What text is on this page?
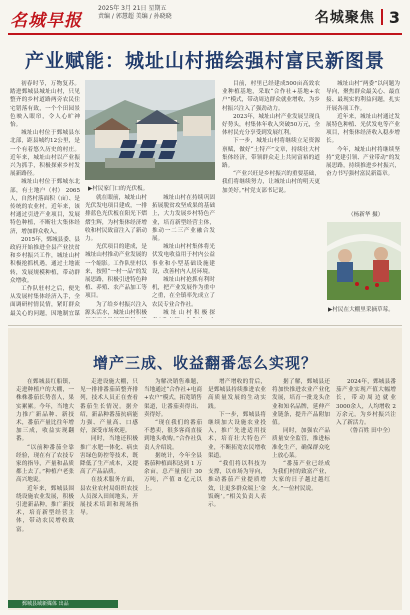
名城早报
2025年 3月 21日 星期五
责编 / 郭慧超 美编 / 孙晓晓	名城聚焦 3
产业赋能：城址山村描绘强村富民新图景

初春时节，万物复苏。踏进鄄城县城址山村，只见整齐的乡村道路两旁农民住宅错落有致，一个个田园景色映入眼帘，令人心旷神怡。

城址山村位于鄄城县东北部，距县城约12公里，是一个有着悠久历史的村庄。近年来，城址山村以产业振兴为抓手，积极探索乡村发展新路径。

城址山村位于鄄城东北部，有土地户（村） 2065人，自然村落面积（亩）、是传统的农业村。近年来，该村通过引进产业项目，发展特色种植，不断壮大集体经济，增加群众收入。

2015年，鄄城县委、县政府开始推进全县产业扶贫和乡村振兴工作，城址山村积极抢抓机遇，通过土地流转，发展规模种植，带动群众增收。

工作队驻村之后，便先从发展村集体经济入手，全面调研村情民情，紧盯群众最关心的问题，因地制宜谋

▶村民家门口的光伏板。

就在眼前，城址山村光伏发电项目建成，一排排蓝色光伏板在阳光下熠熠生辉，为村集体经济增收和村民致富注入了新动力。

光伏项目的建成，是城址山村推动产业发展的一个缩影。工作队驻村以来，按照“一村一品”的发展思路，积极引进特色种植、养殖、农产品加工等项目。

为了给乡村振兴注入源头活水，城址山村积极

城址山村在持续巩固拓展脱贫攻坚成果的基础上，大力发展乡村特色产业，培育新型经营主体，推动一二三产业融合发展。

城址山村村集体将光伏发电收益用于村内公益事业和小型基础设施建设，改善村内人居环境。

城址山村抢抓有利时机，把产业发展作为重中之重，在全镇率先成立了农民专业合作社。

城址山村积极探

目前，村里已经建成500亩高效农业种植基地，采取“合作社+基地+农户”模式，带动周边群众就业增收，为乡村振兴注入了强劲动力。

2023年，城址山村产业发展呈现良好势头，村集体年收入突破50万元，全体村民充分享受到发展红利。

下一步，城址山村将继续立足资源禀赋，做好“土特产”文章，持续壮大村集体经济，带领群众走上共同富裕的道路。

“产业兴旺是乡村振兴的重要基础，我们将继续努力，让城址山村的明天更加美好。”村党支部书记说。

城址山村“两委”以问题为导向，聚焦群众最关心、最直接、最现实的利益问题，扎实开展各项工作。

近年来，城址山村通过发展特色种植、光伏发电等产业项目，村集体经济收入稳步增长。

今年，城址山村将继续坚持“党建引领、产业带动”的发展思路，持续推进乡村振兴，奋力书写强村富民新篇章。

（杨新华 摄）
▶村民在大棚里采摘草莓。
增产三成、收益翻番怎么实现？

在鄄城县红船镇，走进种植户的大棚，一株株番茄长势喜人，果实累累。今年，当地大力推广新品种、新技术，番茄产量比往年增加三成，收益实现翻番。

“以前种番茄全靠经验，现在有了农技专家的指导，产量和品质都上去了。”种植户老张高兴地说。

近年来，鄄城县围绕设施农业发展，积极引进新品种，推广新技术，培育新型经营主体，带动农民增收致富。

走进设施大棚，只见一排排番茄苗整齐排列，技术人员正在查看番茄生长情况。据介绍，新品种番茄抗病能力强、产量高、口感好，深受市场欢迎。

同时，当地还积极推广水肥一体化、病虫害绿色防控等技术，既降低了生产成本，又提高了产品品质。

在技术服务方面，县农业农村局组织农技人员深入田间地头，开展技术培训和现场指导。

为解决销售难题，当地通过“合作社+电商+农户”模式，拓宽销售渠道，让番茄卖得出、卖得好。

“现在我们的番茄不愁卖，很多客商直接到地头收购。”合作社负责人介绍说。

据统计，今年全县番茄种植面积达到 1 万余亩，总产量预计 30 万吨，产值 8 亿元以上。

增产增收的背后，是鄄城县持续推进农业高质量发展的生动实践。

下一步，鄄城县将继续加大设施农业投入，推广先进适用技术，培育壮大特色产业，不断拓宽农民增收渠道。

“我们将以科技为支撑，以市场为导向，推动番茄产业提质增效，让更多群众端上‘金饭碗’。”相关负责人表示。

据了解，鄄城县还将加快推进农业产业化发展，培育一批龙头企业和知名品牌，延伸产业链条，提升产品附加值。

同时，加强农产品质量安全监管，推进标准化生产，确保群众吃上放心菜。

“番茄产业已经成为我们村的致富产业，大家的日子越过越红火。”一位村民说。

2024年，鄄城县番茄产业实现产值大幅增长，带动周边就业 3000余人，人均增收 2 万余元，为乡村振兴注入了新活力。

（鲁百姓 田中全）

鄄城县域新媒体 出品
